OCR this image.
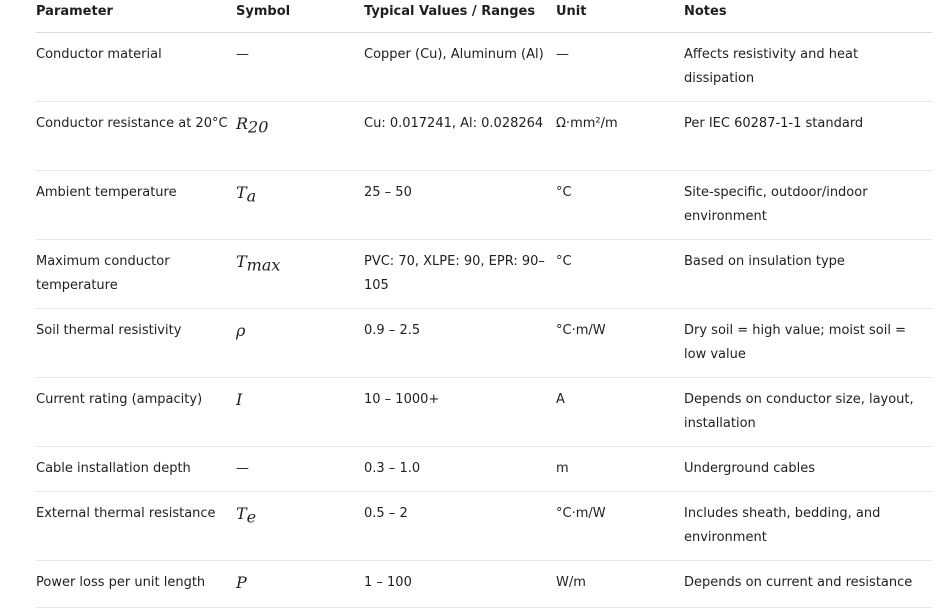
Parameter	Symbol	Typical Values / Ranges	Unit	Notes
Conductor material	—	Copper (Cu), Aluminum (Al)	—	Affects resistivity and heat dissipation
Conductor resistance at 20°C	$R_{20}$	Cu: 0.017241, Al: 0.028264	Ω·mm²/m	Per IEC 60287-1-1 standard
Ambient temperature	$T_a$	25 – 50	°C	Site-specific, outdoor/indoor environment
Maximum conductor temperature	$T_{max}$	PVC: 70, XLPE: 90, EPR: 90–105	°C	Based on insulation type
Soil thermal resistivity	ρ	0.9 – 2.5	°C·m/W	Dry soil = high value; moist soil = low value
Current rating (ampacity)	I	10 – 1000+	A	Depends on conductor size, layout, installation
Cable installation depth	—	0.3 – 1.0	m	Underground cables
External thermal resistance	$T_e$	0.5 – 2	°C·m/W	Includes sheath, bedding, and environment
Power loss per unit length	P	1 – 100	W/m	Depends on current and resistance
